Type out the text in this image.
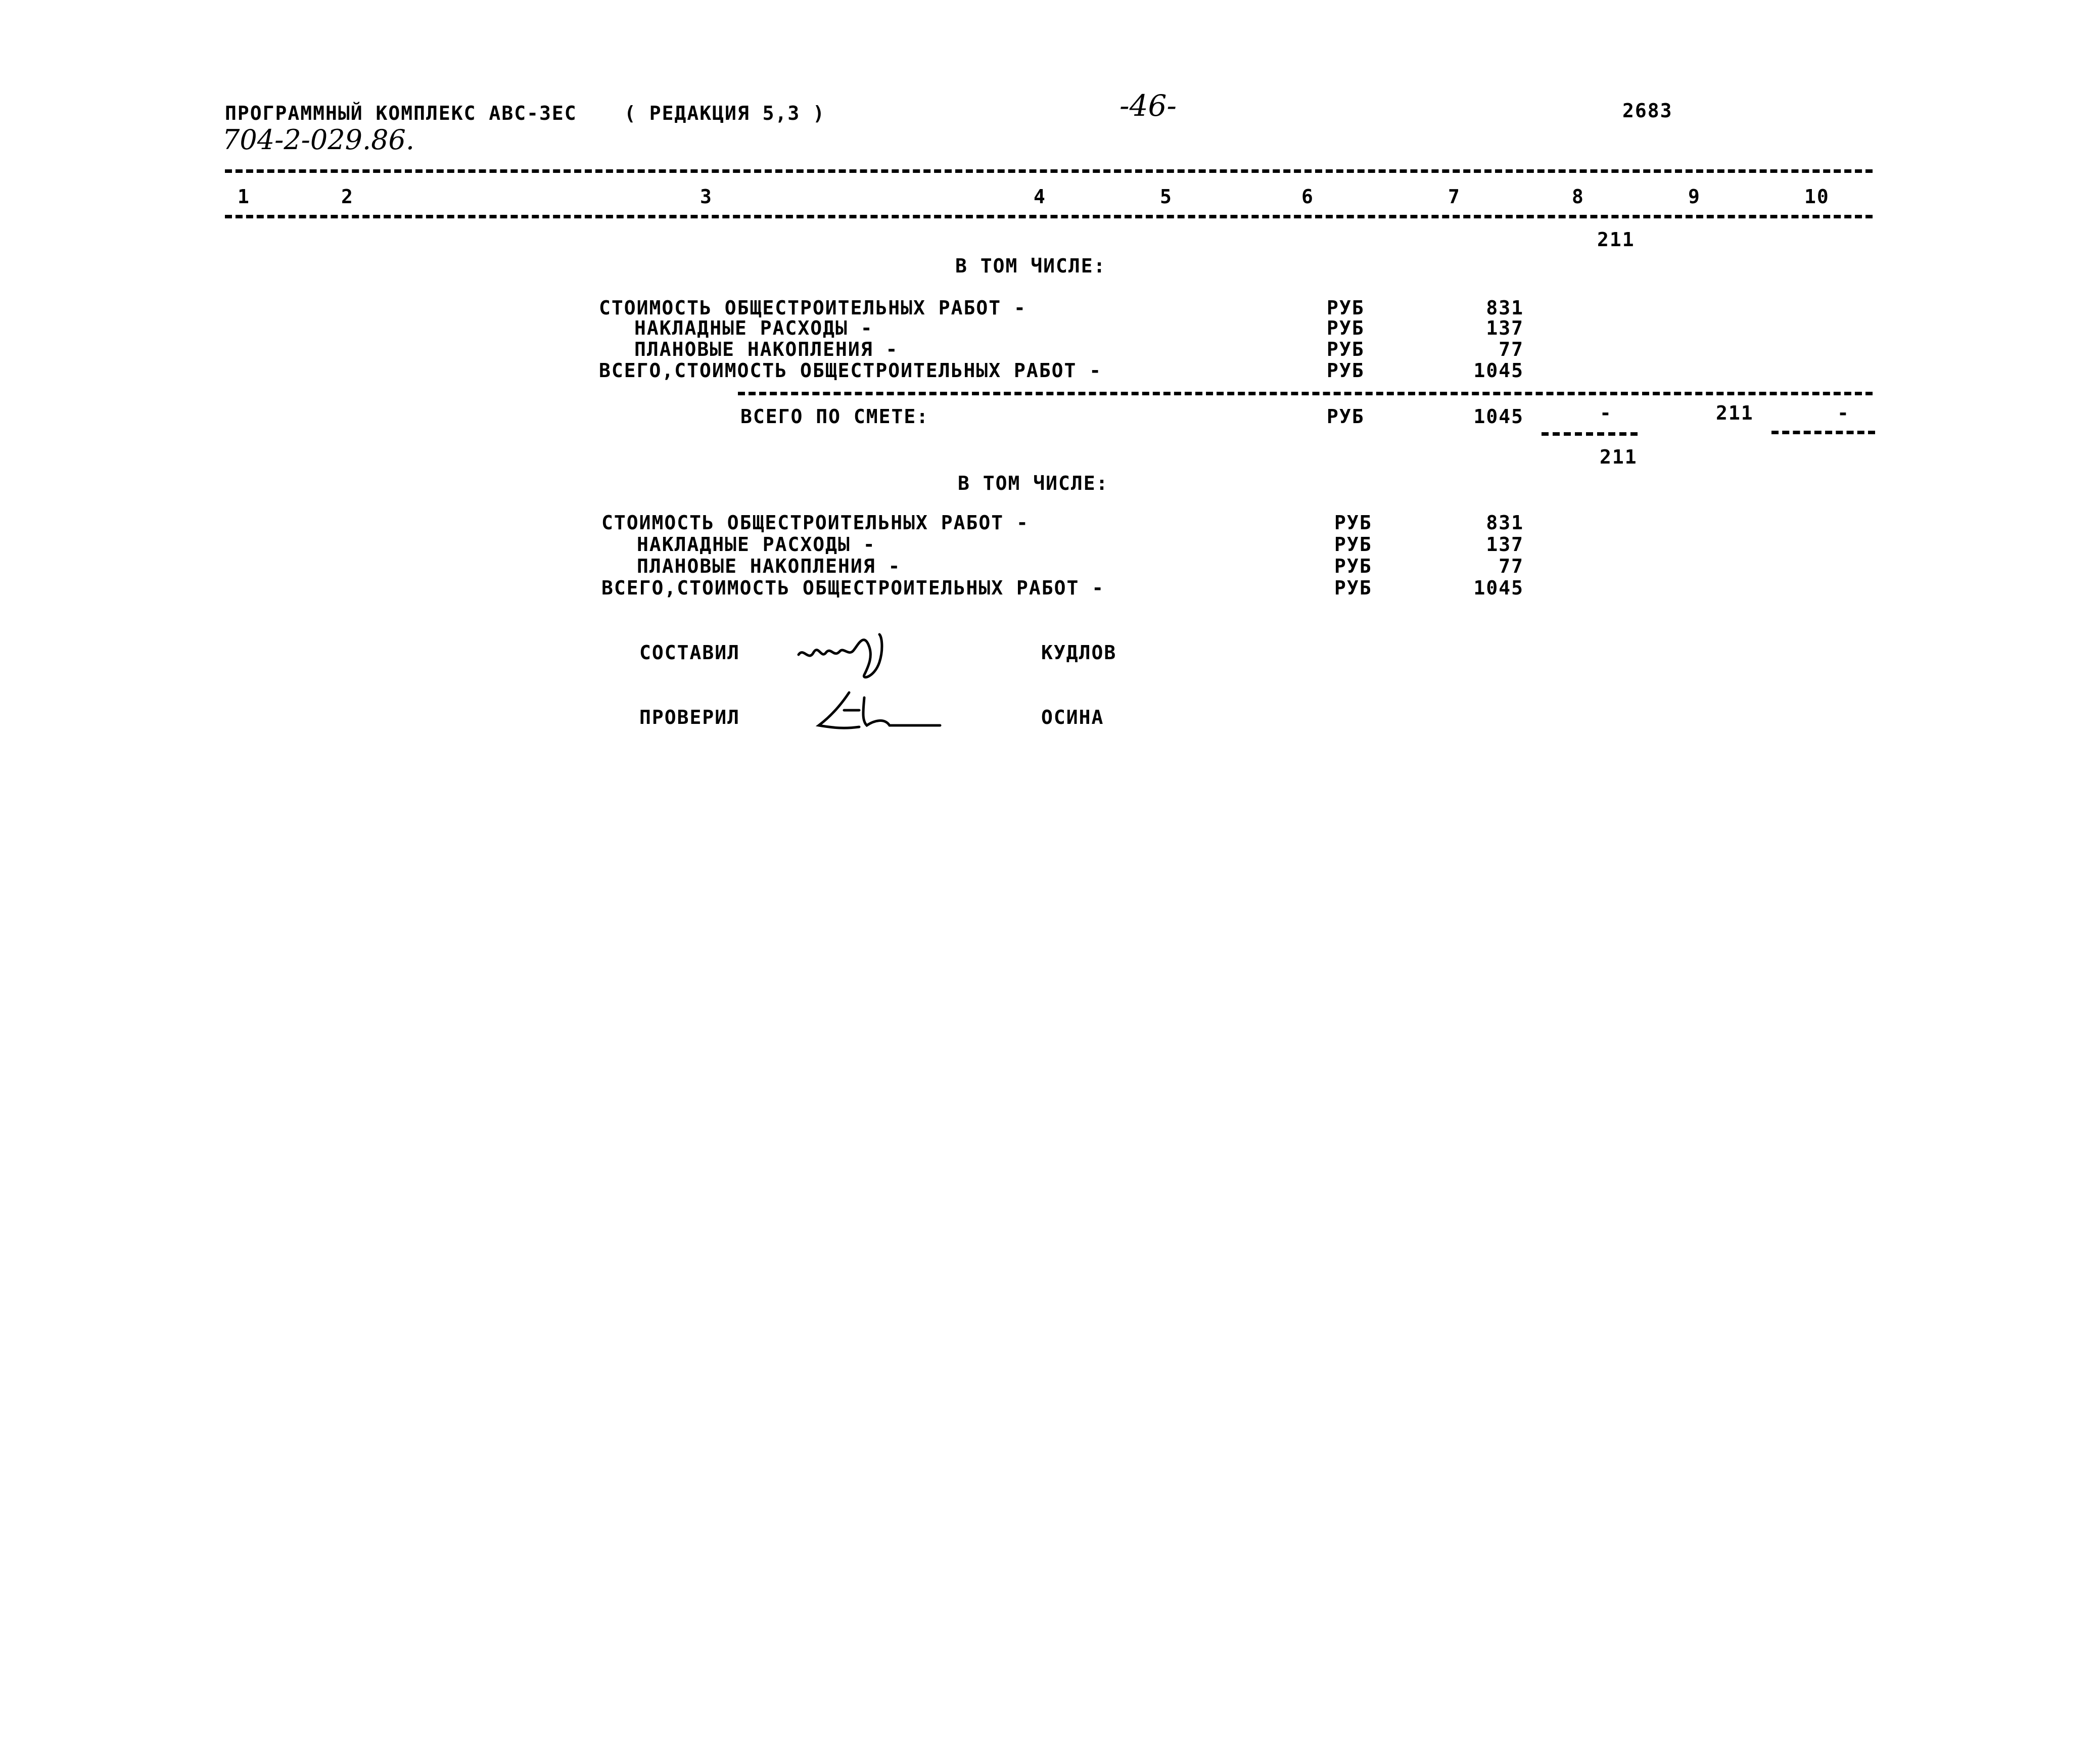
ПРОГРАММНЫЙ КОМПЛЕКС АВС-3ЕС ( РЕДАКЦИЯ 5,3 )
704-2-029.86.
-46-	2683
1	2	3	4	5	6	7	8	9	10
211
В ТОМ ЧИСЛЕ:
СТОИМОСТЬ ОБЩЕСТРОИТЕЛЬНЫХ РАБОТ -	РУБ	831
НАКЛАДНЫЕ РАСХОДЫ -	РУБ	137
ПЛАНОВЫЕ НАКОПЛЕНИЯ -	РУБ	77
ВСЕГО,СТОИМОСТЬ ОБЩЕСТРОИТЕЛЬНЫХ РАБОТ -	РУБ	1045
ВСЕГО ПО СМЕТЕ:	РУБ	1045	-	211	-
211
В ТОМ ЧИСЛЕ:
СТОИМОСТЬ ОБЩЕСТРОИТЕЛЬНЫХ РАБОТ -	РУБ	831
НАКЛАДНЫЕ РАСХОДЫ -	РУБ	137
ПЛАНОВЫЕ НАКОПЛЕНИЯ -	РУБ	77
ВСЕГО,СТОИМОСТЬ ОБЩЕСТРОИТЕЛЬНЫХ РАБОТ -	РУБ	1045
СОСТАВИЛ	КУДЛОВ
ПРОВЕРИЛ	ОСИНА
